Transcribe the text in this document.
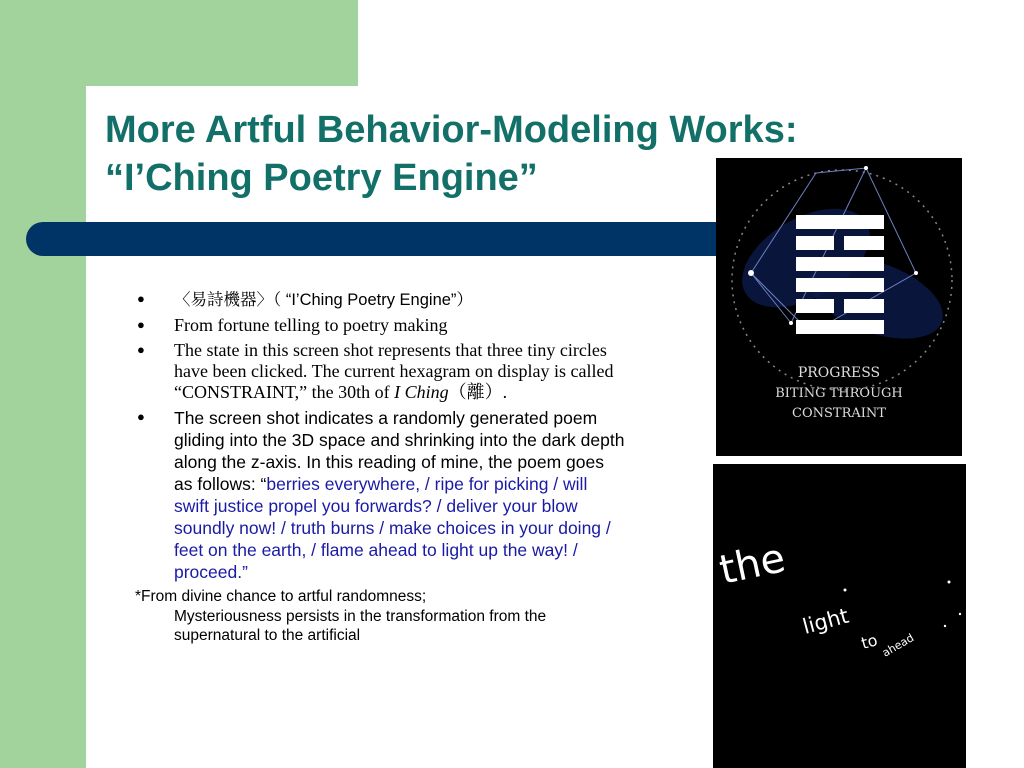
More Artful Behavior-Modeling Works:
“I’Ching Poetry Engine”
● 〈易詩機器〉（ “I’Ching Poetry Engine”）
● From fortune telling to poetry making
● The state in this screen shot represents that three tiny circles have been clicked. The current hexagram on display is called “CONSTRAINT,” the 30th of I Ching（離）.
● The screen shot indicates a randomly generated poem gliding into the 3D space and shrinking into the dark depth along the z-axis. In this reading of mine, the poem goes as follows: “berries everywhere, / ripe for picking / will swift justice propel you forwards? / deliver your blow soundly now! / truth burns / make choices in your doing / feet on the earth, / flame ahead to light up the way! / proceed.”
*From divine chance to artful randomness;
Mysteriousness persists in the transformation from the supernatural to the artificial
PROGRESS
BITING THROUGH
CONSTRAINT
the
light
to ahead
